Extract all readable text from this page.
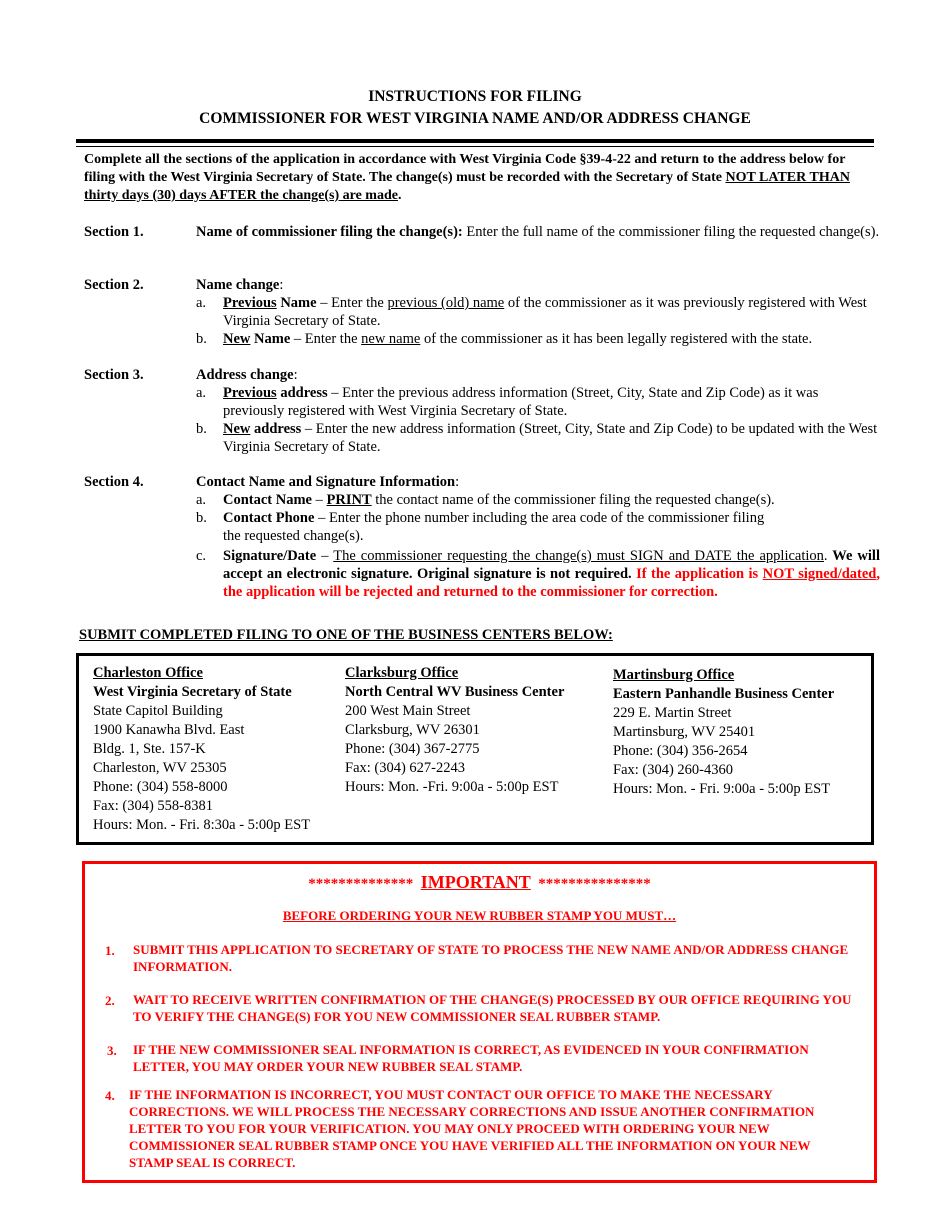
INSTRUCTIONS FOR FILING
COMMISSIONER FOR WEST VIRGINIA NAME AND/OR ADDRESS CHANGE
Complete all the sections of the application in accordance with West Virginia Code §39-4-22 and return to the address below for filing with the West Virginia Secretary of State. The change(s) must be recorded with the Secretary of State NOT LATER THAN thirty days (30) days AFTER the change(s) are made.
Section 1.	Name of commissioner filing the change(s): Enter the full name of the commissioner filing the requested change(s).
Section 2.	Name change:
a. Previous Name – Enter the previous (old) name of the commissioner as it was previously registered with West Virginia Secretary of State.
b. New Name – Enter the new name of the commissioner as it has been legally registered with the state.
Section 3.	Address change:
a. Previous address – Enter the previous address information (Street, City, State and Zip Code) as it was previously registered with West Virginia Secretary of State.
b. New address – Enter the new address information (Street, City, State and Zip Code) to be updated with the West Virginia Secretary of State.
Section 4.	Contact Name and Signature Information:
a. Contact Name – PRINT the contact name of the commissioner filing the requested change(s).
b. Contact Phone – Enter the phone number including the area code of the commissioner filing the requested change(s).
c. Signature/Date – The commissioner requesting the change(s) must SIGN and DATE the application. We will accept an electronic signature. Original signature is not required. If the application is NOT signed/dated, the application will be rejected and returned to the commissioner for correction.
SUBMIT COMPLETED FILING TO ONE OF THE BUSINESS CENTERS BELOW:
Charleston Office
West Virginia Secretary of State
State Capitol Building
1900 Kanawha Blvd. East
Bldg. 1, Ste. 157-K
Charleston, WV 25305
Phone: (304) 558-8000
Fax: (304) 558-8381
Hours: Mon. - Fri. 8:30a - 5:00p EST
Clarksburg Office
North Central WV Business Center
200 West Main Street
Clarksburg, WV 26301
Phone: (304) 367-2775
Fax: (304) 627-2243
Hours: Mon. -Fri. 9:00a - 5:00p EST
Martinsburg Office
Eastern Panhandle Business Center
229 E. Martin Street
Martinsburg, WV 25401
Phone: (304) 356-2654
Fax: (304) 260-4360
Hours: Mon. - Fri. 9:00a - 5:00p EST
************** IMPORTANT ***************
BEFORE ORDERING YOUR NEW RUBBER STAMP YOU MUST…
1. SUBMIT THIS APPLICATION TO SECRETARY OF STATE TO PROCESS THE NEW NAME AND/OR ADDRESS CHANGE INFORMATION.
2. WAIT TO RECEIVE WRITTEN CONFIRMATION OF THE CHANGE(S) PROCESSED BY OUR OFFICE REQUIRING YOU TO VERIFY THE CHANGE(S) FOR YOU NEW COMMISSIONER SEAL RUBBER STAMP.
3. IF THE NEW COMMISSIONER SEAL INFORMATION IS CORRECT, AS EVIDENCED IN YOUR CONFIRMATION LETTER, YOU MAY ORDER YOUR NEW RUBBER SEAL STAMP.
4. IF THE INFORMATION IS INCORRECT, YOU MUST CONTACT OUR OFFICE TO MAKE THE NECESSARY CORRECTIONS. WE WILL PROCESS THE NECESSARY CORRECTIONS AND ISSUE ANOTHER CONFIRMATION LETTER TO YOU FOR YOUR VERIFICATION. YOU MAY ONLY PROCEED WITH ORDERING YOUR NEW COMMISSIONER SEAL RUBBER STAMP ONCE YOU HAVE VERIFIED ALL THE INFORMATION ON YOUR NEW STAMP SEAL IS CORRECT.
